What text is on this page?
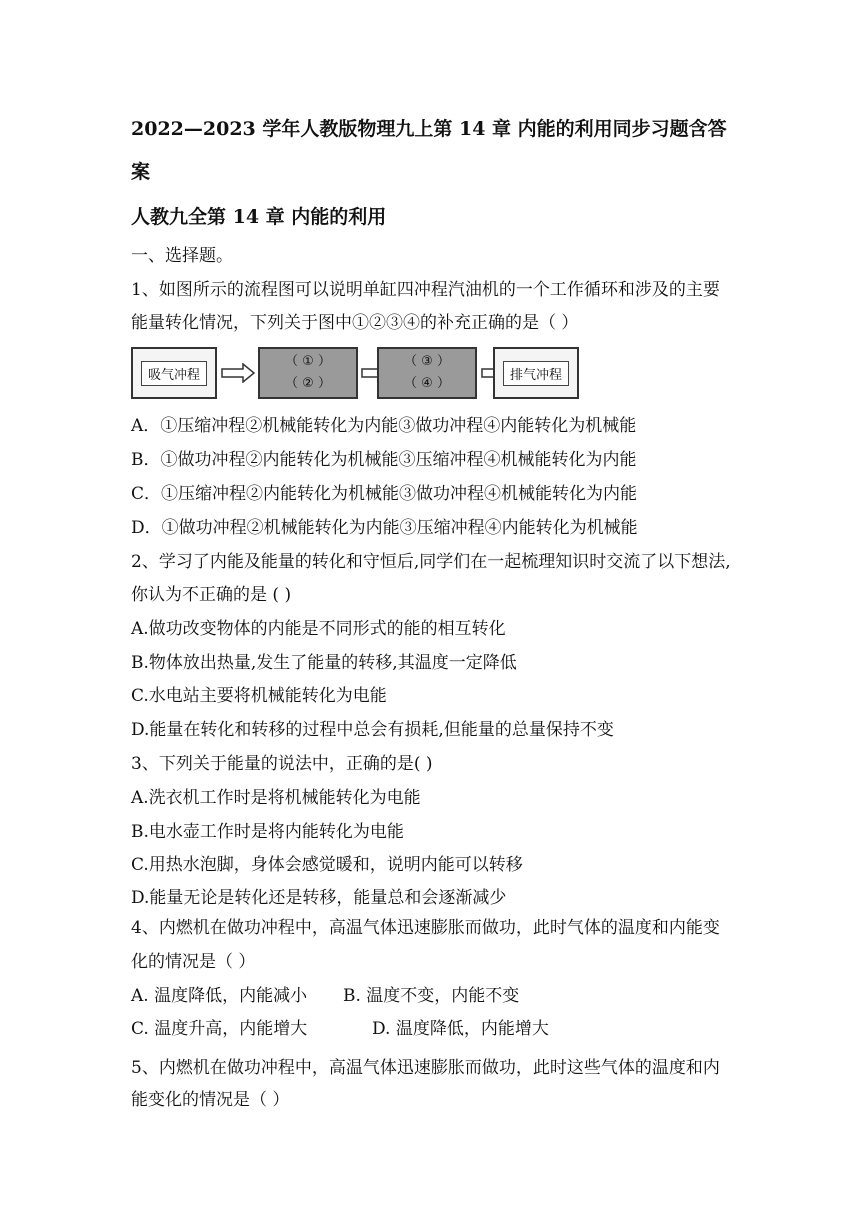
2022—2023 学年人教版物理九上第 14 章 内能的利用同步习题含答
案
人教九全第 14 章 内能的利用
一、选择题。
1、如图所示的流程图可以说明单缸四冲程汽油机的一个工作循环和涉及的主要
能量转化情况，下列关于图中①②③④的补充正确的是（ ）
吸气冲程
（ ① ）
（ ② ）
（ ③ ）
（ ④ ）
排气冲程
A．①压缩冲程②机械能转化为内能③做功冲程④内能转化为机械能
B．①做功冲程②内能转化为机械能③压缩冲程④机械能转化为内能
C．①压缩冲程②内能转化为机械能③做功冲程④机械能转化为内能
D．①做功冲程②机械能转化为内能③压缩冲程④内能转化为机械能
2、学习了内能及能量的转化和守恒后,同学们在一起梳理知识时交流了以下想法,
你认为不正确的是 ( )
A.做功改变物体的内能是不同形式的能的相互转化
B.物体放出热量,发生了能量的转移,其温度一定降低
C.水电站主要将机械能转化为电能
D.能量在转化和转移的过程中总会有损耗,但能量的总量保持不变
3、下列关于能量的说法中，正确的是( )
A.洗衣机工作时是将机械能转化为电能
B.电水壶工作时是将内能转化为电能
C.用热水泡脚，身体会感觉暖和，说明内能可以转移
D.能量无论是转化还是转移，能量总和会逐渐减少
4、内燃机在做功冲程中，高温气体迅速膨胀而做功，此时气体的温度和内能变
化的情况是（ ）
A. 温度降低，内能减小 B. 温度不变，内能不变
C. 温度升高，内能增大	D. 温度降低，内能增大
5、内燃机在做功冲程中，高温气体迅速膨胀而做功，此时这些气体的温度和内
能变化的情况是（ ）
